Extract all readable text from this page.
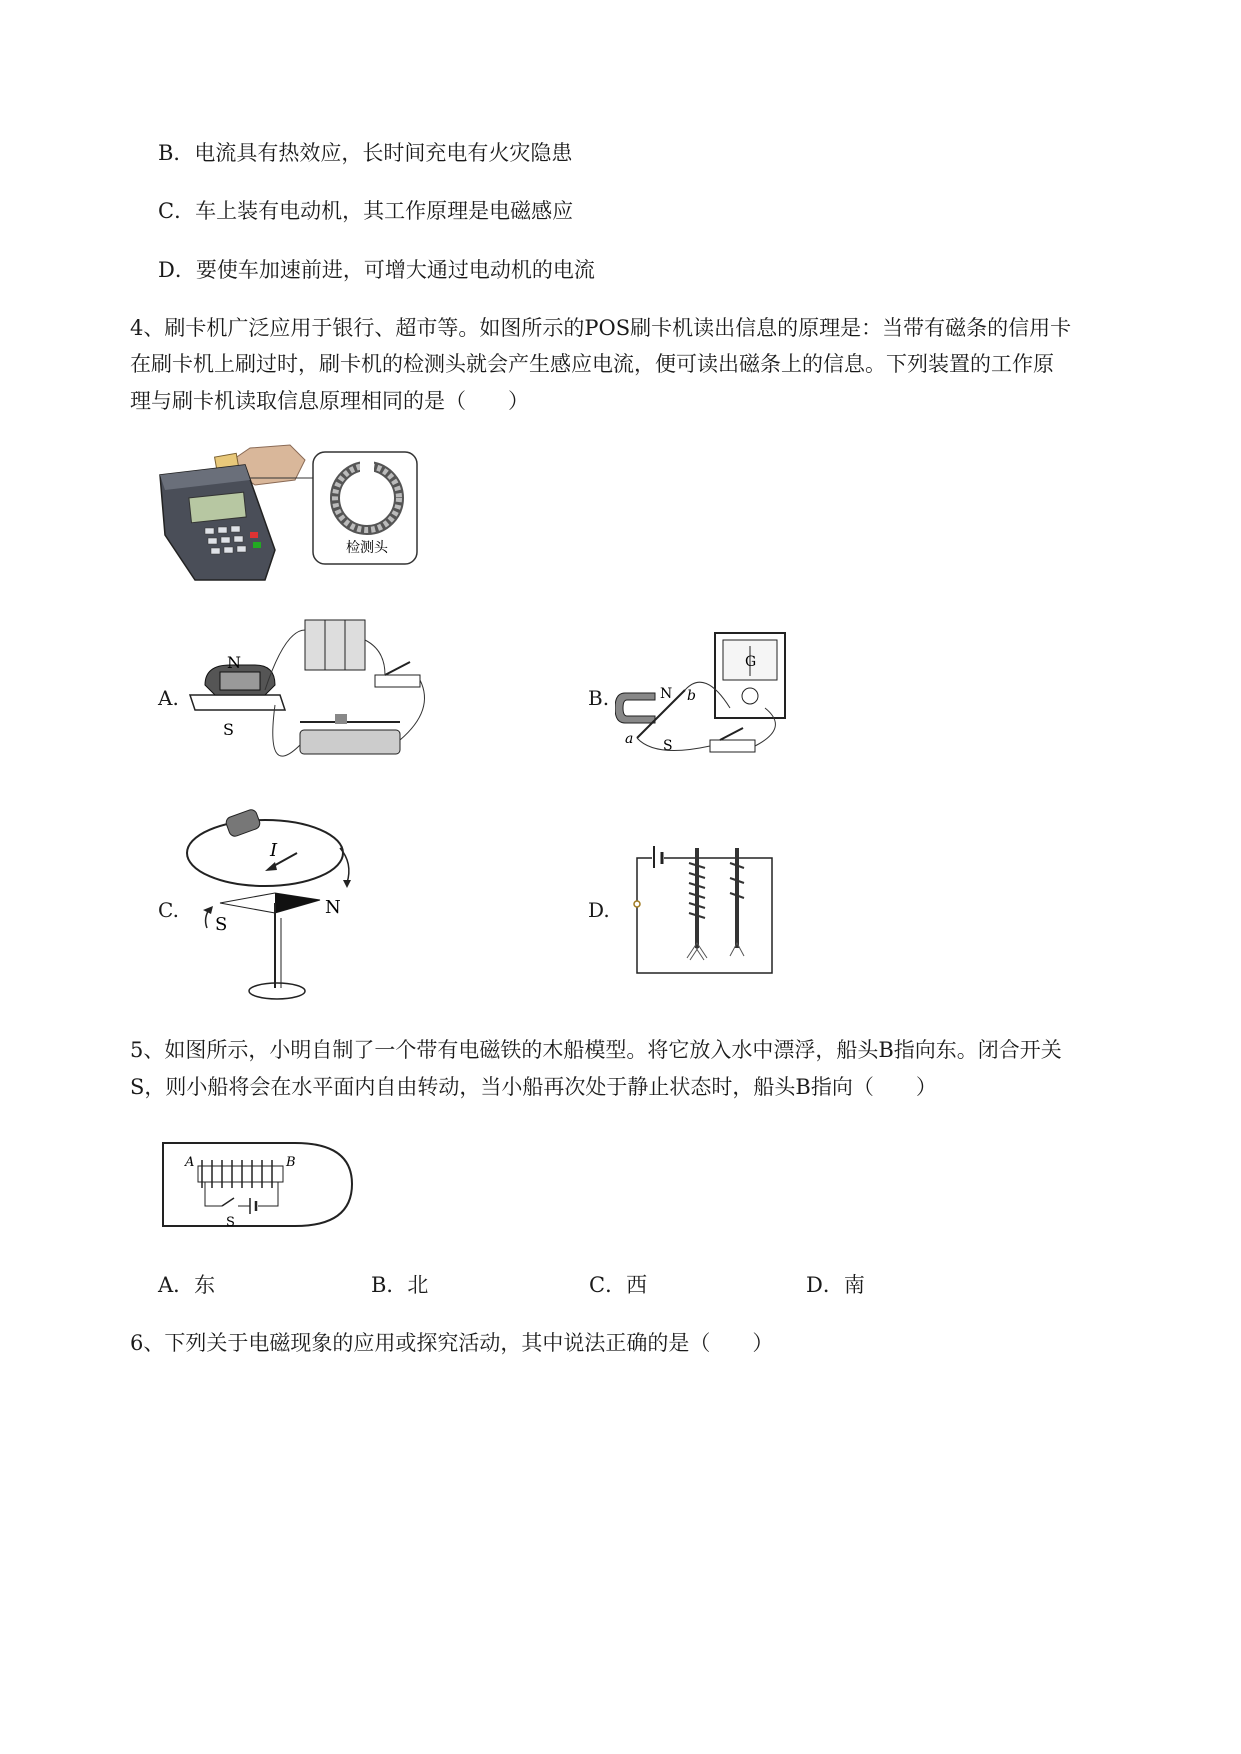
B．电流具有热效应，长时间充电有火灾隐患
C．车上装有电动机，其工作原理是电磁感应
D．要使车加速前进，可增大通过电动机的电流
4、刷卡机广泛应用于银行、超市等。如图所示的POS刷卡机读出信息的原理是：当带有磁条的信用卡
在刷卡机上刷过时，刷卡机的检测头就会产生感应电流，便可读出磁条上的信息。下列装置的工作原
理与刷卡机读取信息原理相同的是（　　）
检测头
A.
N
S
B.
G
N
S
a
b
C.
I
S
N	D.
5、如图所示，小明自制了一个带有电磁铁的木船模型。将它放入水中漂浮，船头B指向东。闭合开关
S，则小船将会在水平面内自由转动，当小船再次处于静止状态时，船头B指向（　　）
A	B
S
A．东	B．北	C．西	D．南
6、下列关于电磁现象的应用或探究活动，其中说法正确的是（　　）
